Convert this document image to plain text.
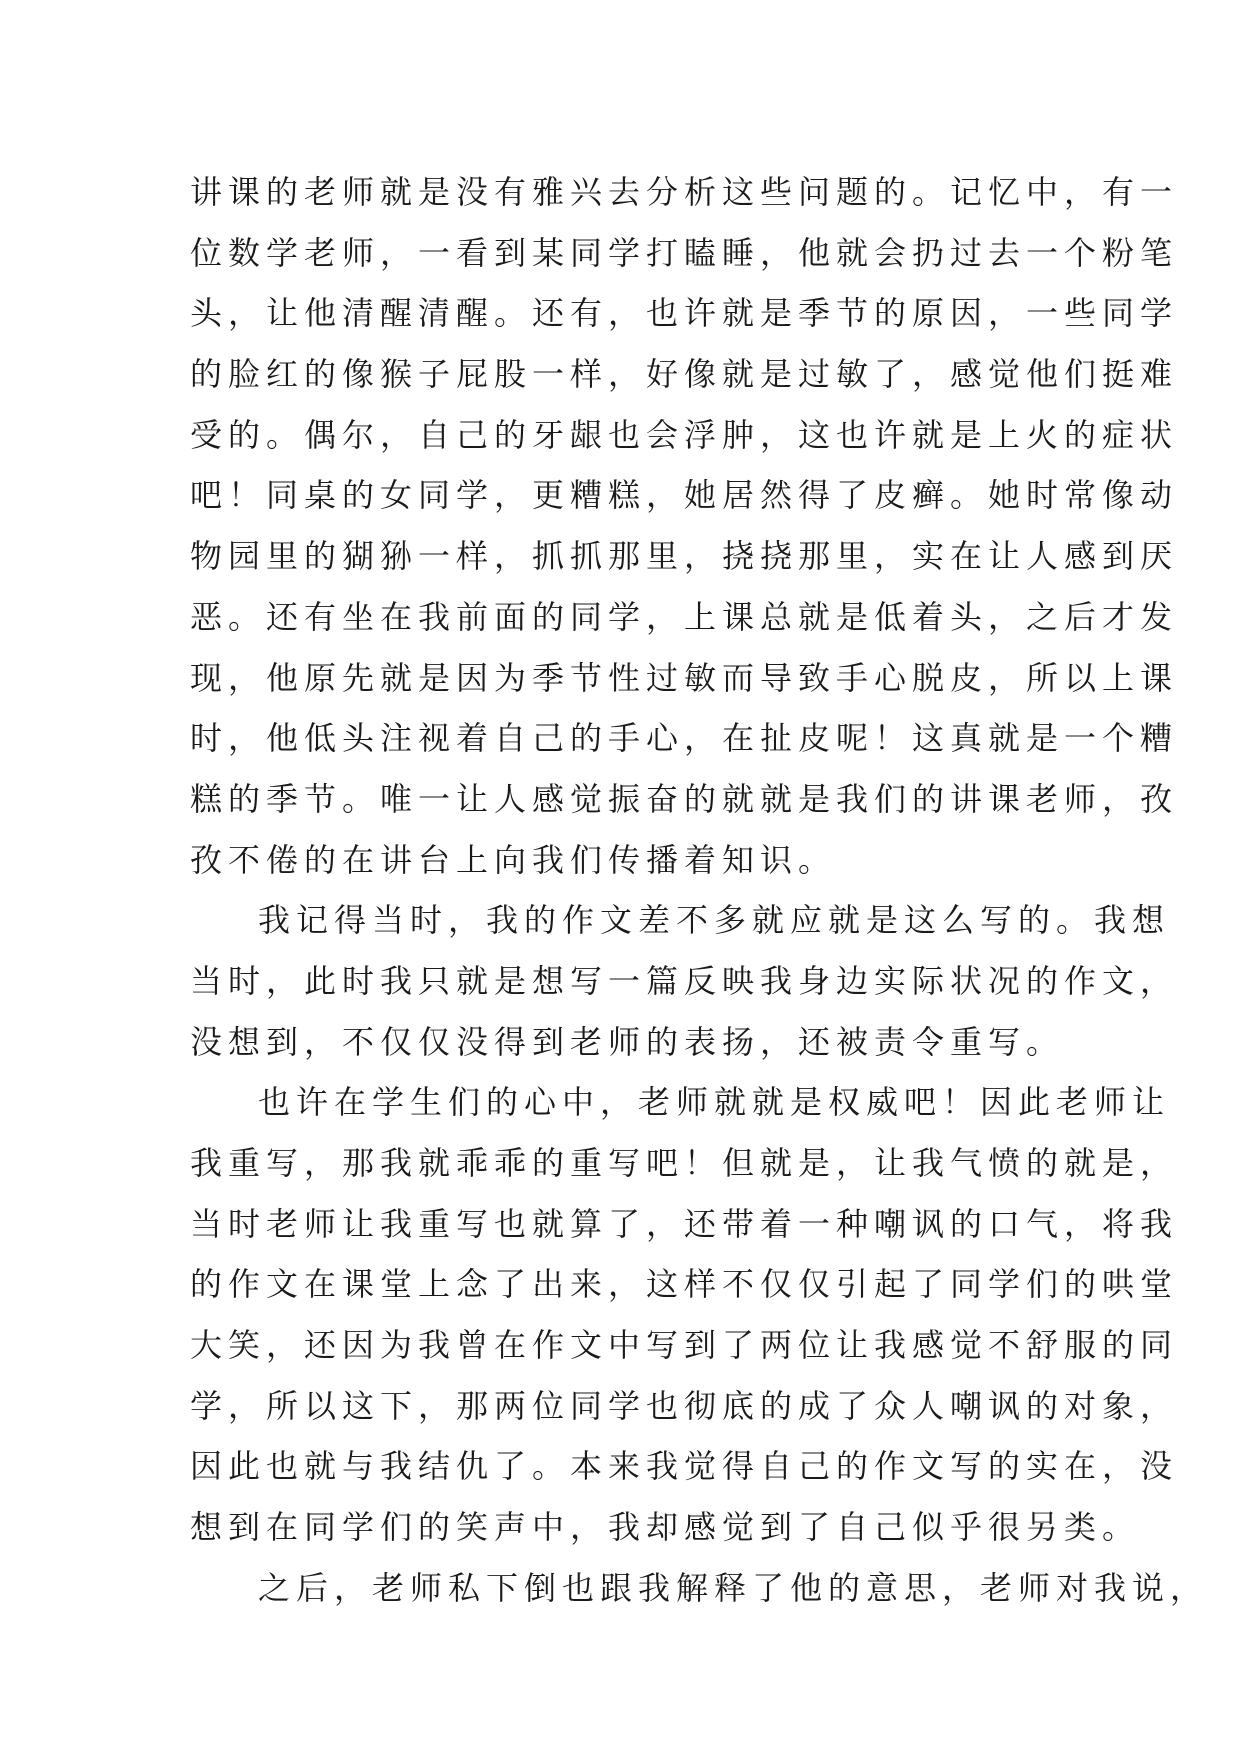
讲课的老师就是没有雅兴去分析这些问题的。记忆中，有一
位数学老师，一看到某同学打瞌睡，他就会扔过去一个粉笔
头，让他清醒清醒。还有，也许就是季节的原因，一些同学
的脸红的像猴子屁股一样，好像就是过敏了，感觉他们挺难
受的。偶尔，自己的牙龈也会浮肿，这也许就是上火的症状
吧！同桌的女同学，更糟糕，她居然得了皮癣。她时常像动
物园里的猢狲一样，抓抓那里，挠挠那里，实在让人感到厌
恶。还有坐在我前面的同学，上课总就是低着头，之后才发
现，他原先就是因为季节性过敏而导致手心脱皮，所以上课
时，他低头注视着自己的手心，在扯皮呢！这真就是一个糟
糕的季节。唯一让人感觉振奋的就就是我们的讲课老师，孜
孜不倦的在讲台上向我们传播着知识。
我记得当时，我的作文差不多就应就是这么写的。我想
当时，此时我只就是想写一篇反映我身边实际状况的作文，
没想到，不仅仅没得到老师的表扬，还被责令重写。
也许在学生们的心中，老师就就是权威吧！因此老师让
我重写，那我就乖乖的重写吧！但就是，让我气愤的就是，
当时老师让我重写也就算了，还带着一种嘲讽的口气，将我
的作文在课堂上念了出来，这样不仅仅引起了同学们的哄堂
大笑，还因为我曾在作文中写到了两位让我感觉不舒服的同
学，所以这下，那两位同学也彻底的成了众人嘲讽的对象，
因此也就与我结仇了。本来我觉得自己的作文写的实在，没
想到在同学们的笑声中，我却感觉到了自己似乎很另类。
之后，老师私下倒也跟我解释了他的意思，老师对我说，
